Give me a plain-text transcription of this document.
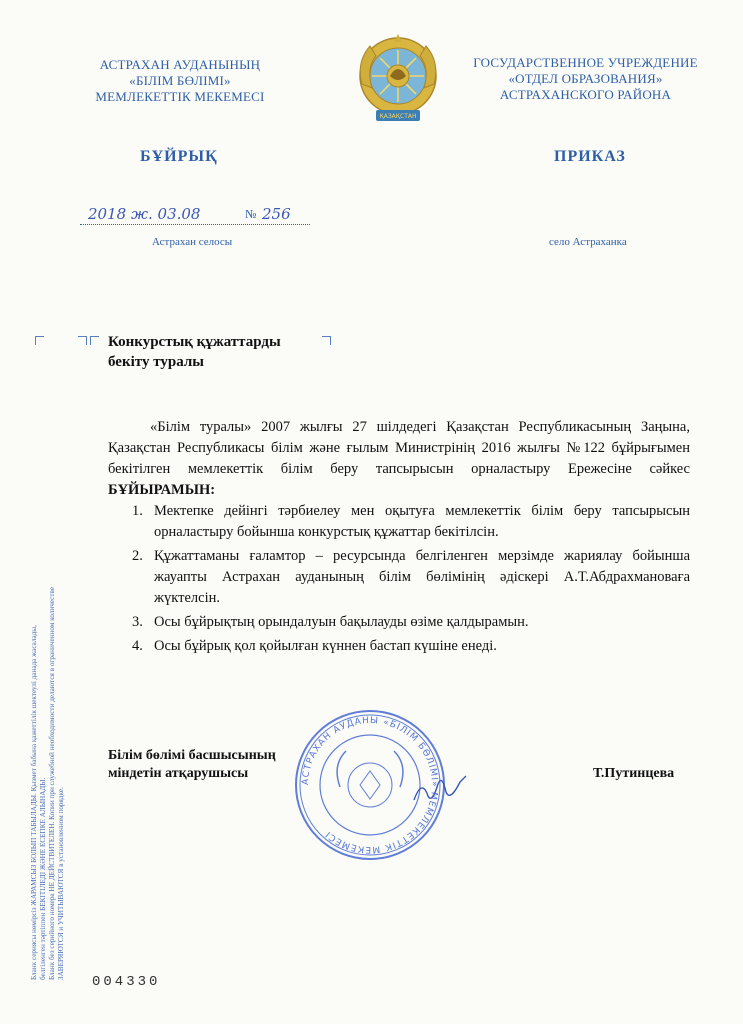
АСТРАХАН АУДАНЫНЫҢ
«БІЛІМ БӨЛІМІ»
МЕМЛЕКЕТТІК МЕКЕМЕСІ
ҚАЗАҚСТАН
ГОСУДАРСТВЕННОЕ УЧРЕЖДЕНИЕ
«ОТДЕЛ ОБРАЗОВАНИЯ»
АСТРАХАНСКОГО РАЙОНА
БҰЙРЫҚ	ПРИКАЗ
2018 ж. 03.08	№ 256
Астрахан селосы	село Астраханка
Конкурстық құжаттарды
бекіту туралы
«Білім туралы» 2007 жылғы 27 шілдедегі Қазақстан Республикасының Заңына, Қазақстан Республикасы білім және ғылым Министрінің 2016 жылғы №122 бұйрығымен бекітілген мемлекеттік білім беру тапсырысын орналастыру Ережесіне сәйкес БҰЙЫРАМЫН:
1. Мектепке дейінгі тәрбиелеу мен оқытуға мемлекеттік білім беру тапсырысын орналастыру бойынша конкурстық құжаттар бекітілсін.
2. Құжаттаманы ғаламтор – ресурсында белгіленген мерзімде жариялау бойынша жауапты Астрахан ауданының білім бөлімінің әдіскері А.Т.Абдрахмановаға жүктелсін.
3. Осы бұйрықтың орындалуын бақылауды өзіме қалдырамын.
4. Осы бұйрық қол қойылған күннен бастап күшіне енеді.
АСТРАХАН АУДАНЫ «БІЛІМ БӨЛІМІ» МЕМЛЕКЕТТІК МЕКЕМЕСІ
Білім бөлімі басшысының
міндетін атқарушысы	Т.Путинцева
Бланк сериясы нөмірсіз ЖАРАМСЫЗ БОЛЫП ТАБЫЛАДЫ. Қызмет бабына қажеттілік шектеулі данада жасалады, белгіленген тәртіппен БЕКІТІЛЕДІ ЖӘНЕ ЕСЕПКЕ АЛЫНАДЫ. Бланк без серийного номера НЕ ДЕЙСТВИТЕЛЕН. Копии при служебной необходимости делаются в ограниченном количестве ЗАВЕРЯЮТСЯ и УЧИТЫВАЮТСЯ в установленном порядке.
004330
